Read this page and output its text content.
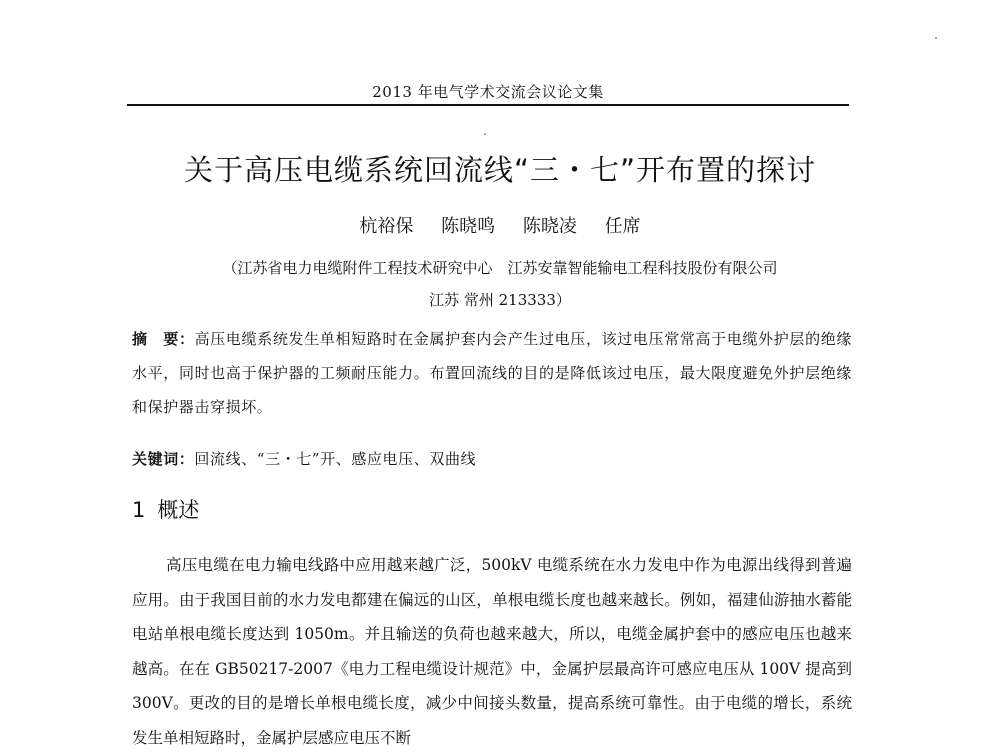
2013 年电气学术交流会议论文集
关于高压电缆系统回流线“三・七”开布置的探讨
杭裕保 陈晓鸣 陈晓凌 任席
（江苏省电力电缆附件工程技术研究中心　江苏安靠智能输电工程科技股份有限公司
江苏 常州 213333）
摘　要：高压电缆系统发生单相短路时在金属护套内会产生过电压，该过电压常常高于电缆外护层的绝缘水平，同时也高于保护器的工频耐压能力。布置回流线的目的是降低该过电压，最大限度避免外护层绝缘和保护器击穿损坏。
关键词：回流线、“三・七”开、感应电压、双曲线
1 概述
高压电缆在电力输电线路中应用越来越广泛，500kV 电缆系统在水力发电中作为电源出线得到普遍应用。由于我国目前的水力发电都建在偏远的山区，单根电缆长度也越来越长。例如，福建仙游抽水蓄能电站单根电缆长度达到 1050m。并且输送的负荷也越来越大，所以，电缆金属护套中的感应电压也越来越高。在在 GB50217-2007《电力工程电缆设计规范》中，金属护层最高许可感应电压从 100V 提高到 300V。更改的目的是增长单根电缆长度，减少中间接头数量，提高系统可靠性。由于电缆的增长，系统发生单相短路时，金属护层感应电压不断
